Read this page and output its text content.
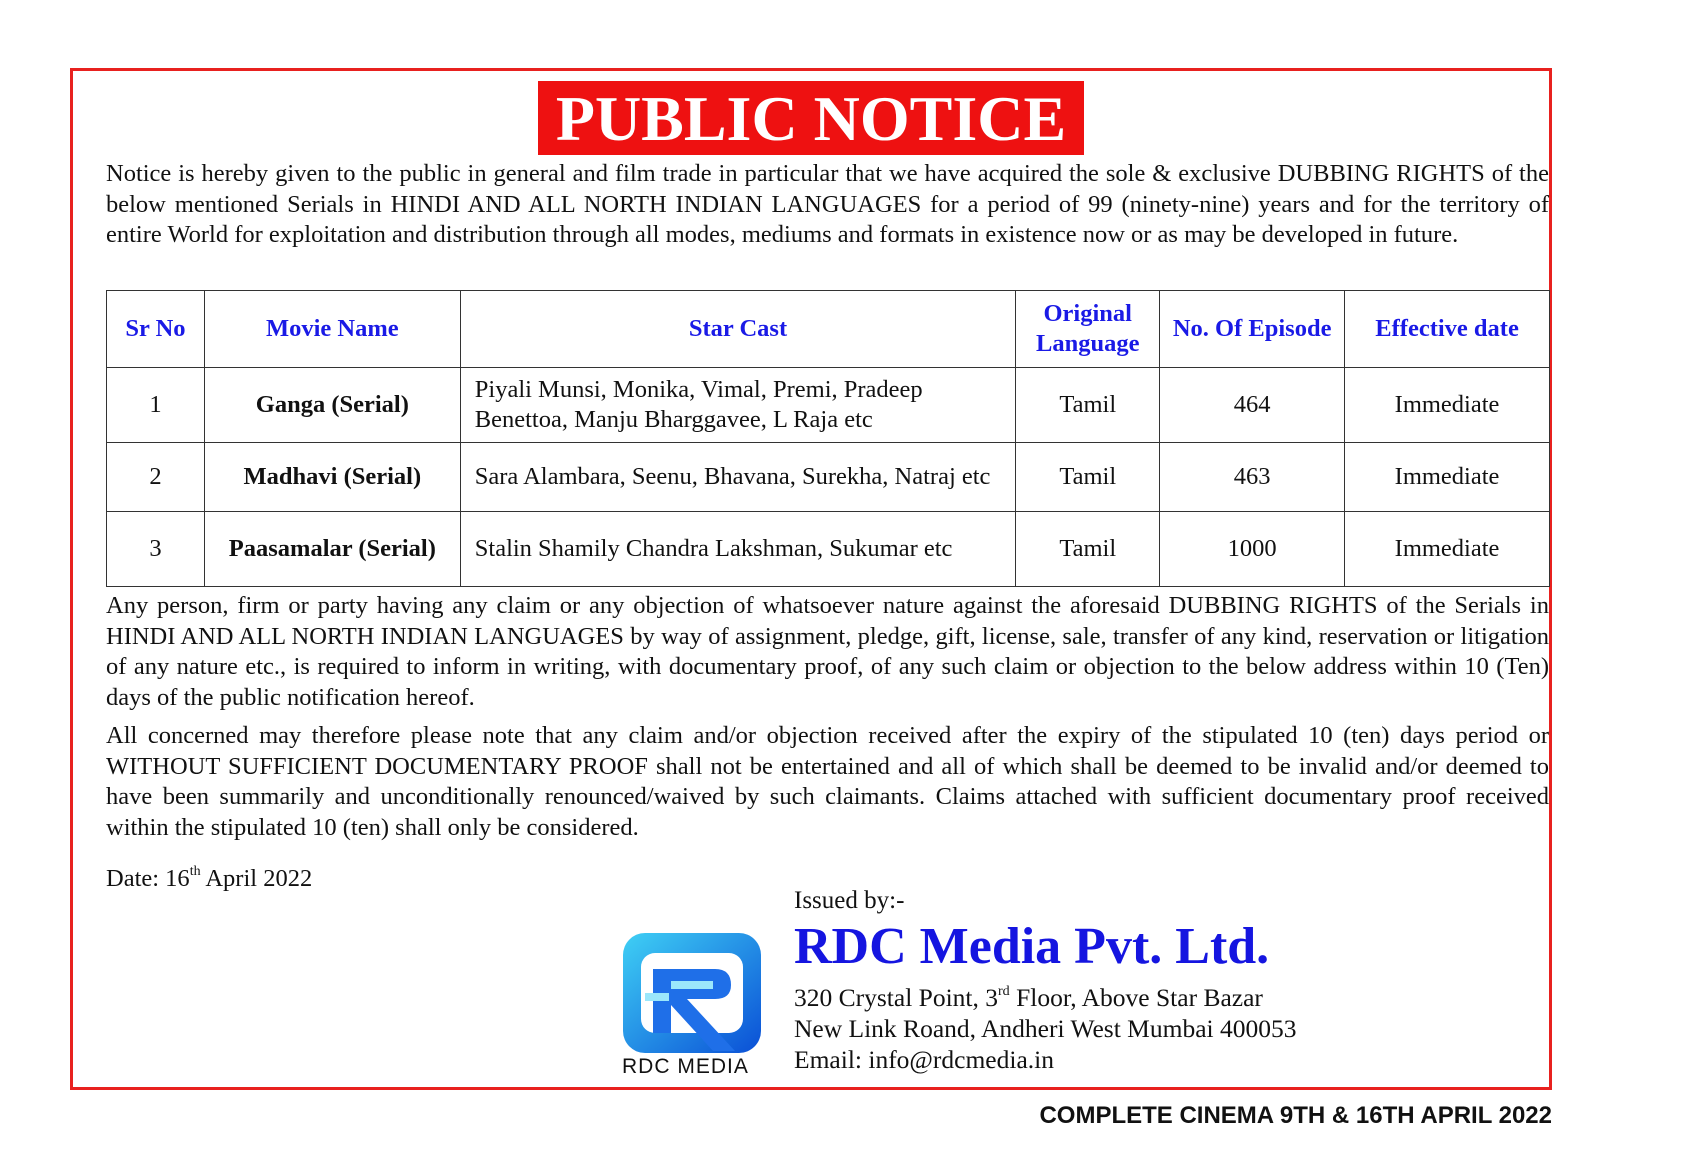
PUBLIC NOTICE

Notice is hereby given to the public in general and film trade in particular that we have acquired the sole & exclusive DUBBING RIGHTS of the below mentioned Serials in HINDI AND ALL NORTH INDIAN LANGUAGES for a period of 99 (ninety-nine) years and for the territory of entire World for exploitation and distribution through all modes, mediums and formats in existence now or as may be developed in future.

Sr No	Movie Name	Star Cast	Original Language	No. Of Episode	Effective date
1	Ganga (Serial)	Piyali Munsi, Monika, Vimal, Premi, Pradeep Benettoa, Manju Bharggavee, L Raja etc	Tamil	464	Immediate
2	Madhavi (Serial)	Sara Alambara, Seenu, Bhavana, Surekha, Natraj etc	Tamil	463	Immediate
3	Paasamalar (Serial)	Stalin Shamily Chandra Lakshman, Sukumar etc	Tamil	1000	Immediate

Any person, firm or party having any claim or any objection of whatsoever nature against the aforesaid DUBBING RIGHTS of the Serials in HINDI AND ALL NORTH INDIAN LANGUAGES by way of assignment, pledge, gift, license, sale, transfer of any kind, reservation or litigation of any nature etc., is required to inform in writing, with documentary proof, of any such claim or objection to the below address within 10 (Ten) days of the public notification hereof.

All concerned may therefore please note that any claim and/or objection received after the expiry of the stipulated 10 (ten) days period or WITHOUT SUFFICIENT DOCUMENTARY PROOF shall not be entertained and all of which shall be deemed to be invalid and/or deemed to have been summarily and unconditionally renounced/waived by such claimants. Claims attached with sufficient documentary proof received within the stipulated 10 (ten) shall only be considered.

Date: 16th April 2022
Issued by:-
RDC Media Pvt. Ltd.
RDC MEDIA
320 Crystal Point, 3rd Floor, Above Star Bazar
New Link Roand, Andheri West Mumbai 400053
Email: info@rdcmedia.in
COMPLETE CINEMA 9TH & 16TH APRIL 2022
